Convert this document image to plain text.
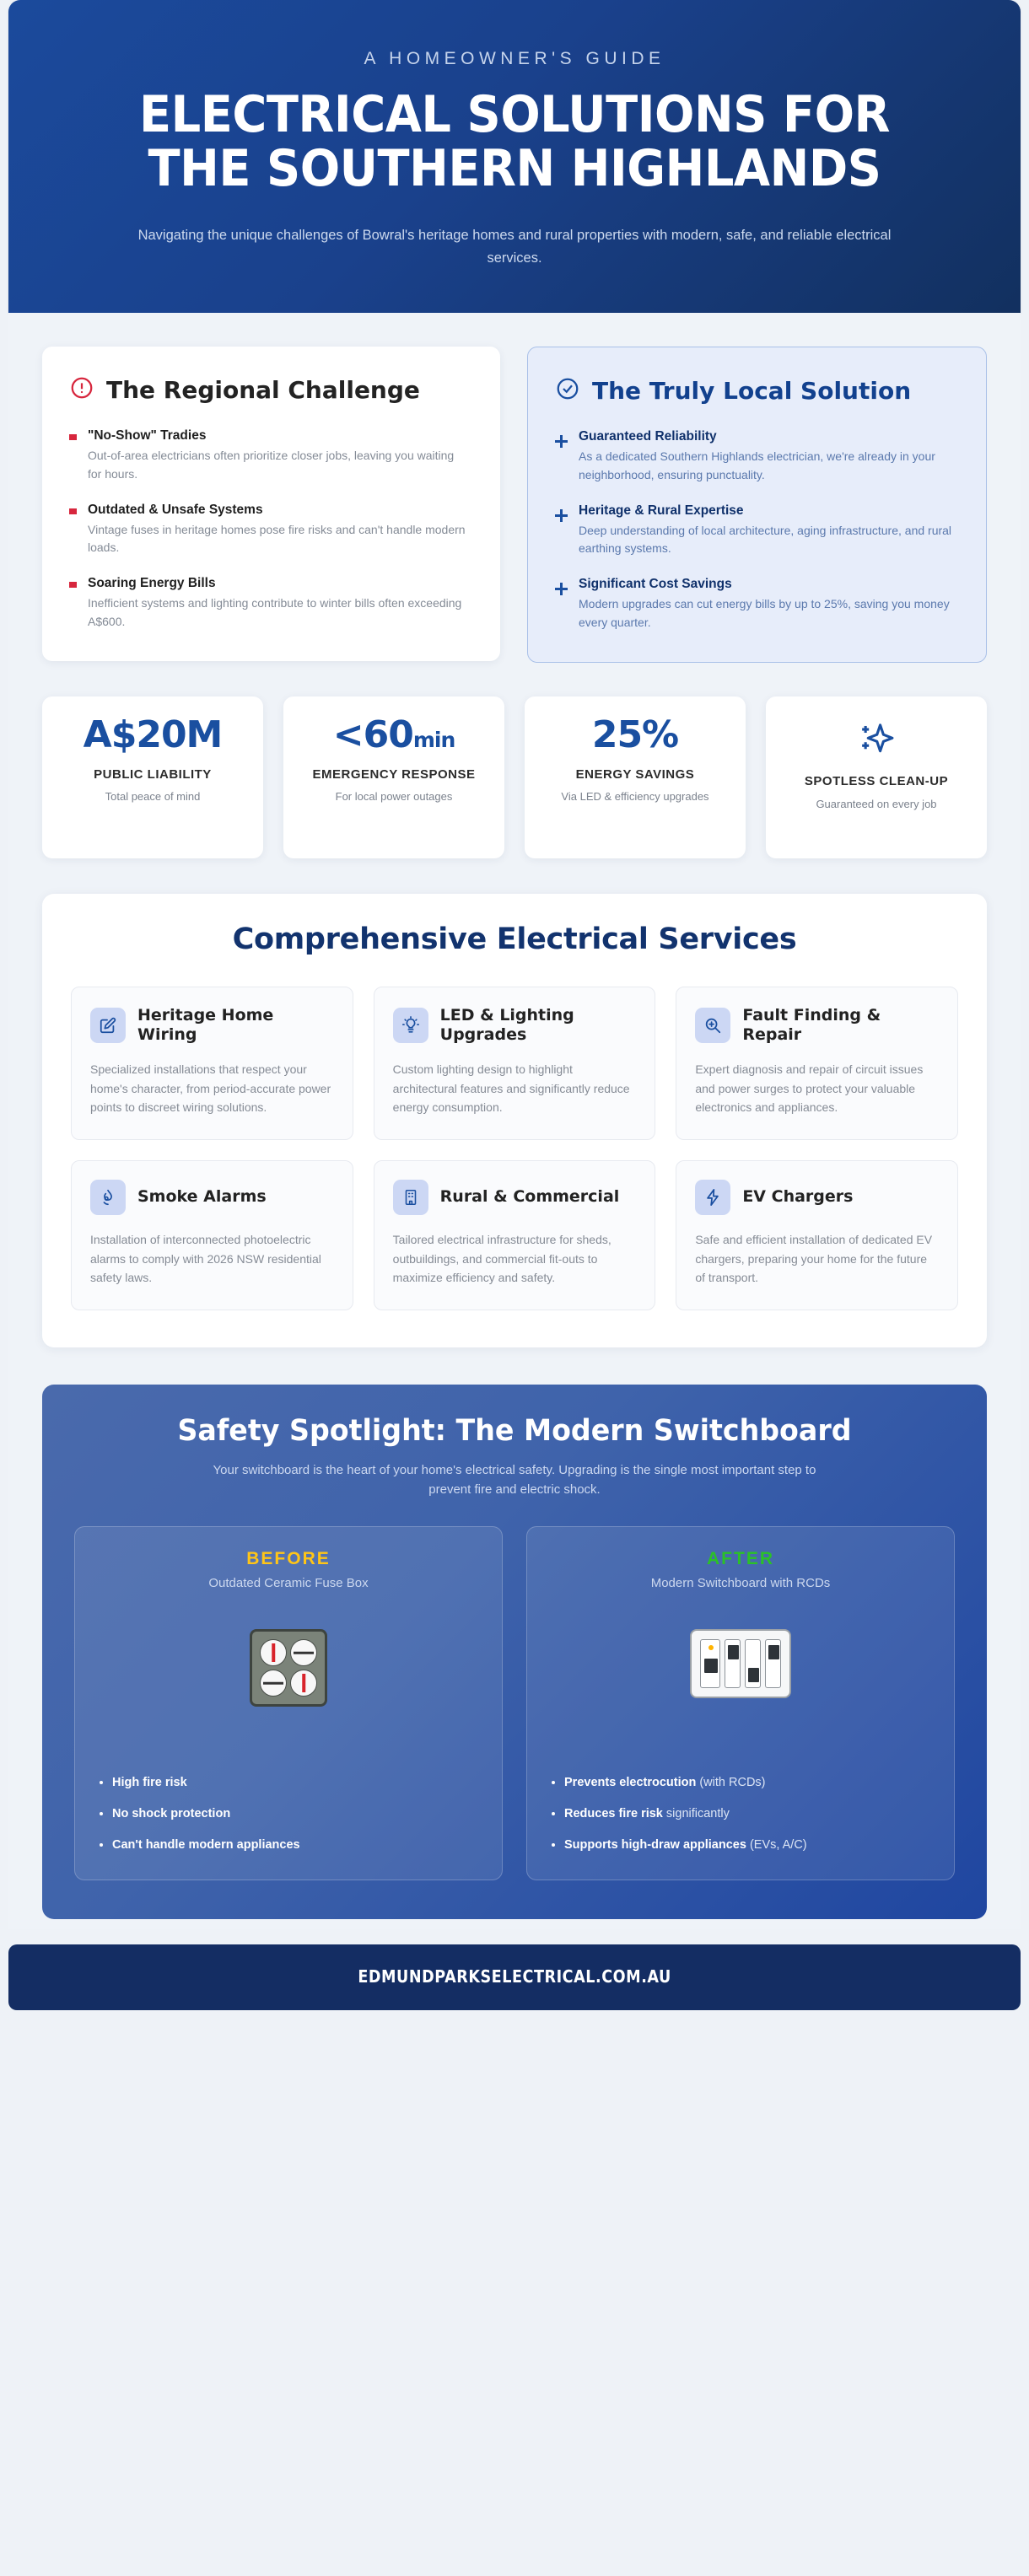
A HOMEOWNER'S GUIDE
ELECTRICAL SOLUTIONS FOR THE SOUTHERN HIGHLANDS
Navigating the unique challenges of Bowral's heritage homes and rural properties with modern, safe, and reliable electrical services.
The Regional Challenge
"No-Show" Tradies
Out-of-area electricians often prioritize closer jobs, leaving you waiting for hours.
Outdated & Unsafe Systems
Vintage fuses in heritage homes pose fire risks and can't handle modern loads.
Soaring Energy Bills
Inefficient systems and lighting contribute to winter bills often exceeding A$600.
The Truly Local Solution
Guaranteed Reliability
As a dedicated Southern Highlands electrician, we're already in your neighborhood, ensuring punctuality.
Heritage & Rural Expertise
Deep understanding of local architecture, aging infrastructure, and rural earthing systems.
Significant Cost Savings
Modern upgrades can cut energy bills by up to 25%, saving you money every quarter.
A$20M
PUBLIC LIABILITY
Total peace of mind
<60min
EMERGENCY RESPONSE
For local power outages
25%
ENERGY SAVINGS
Via LED & efficiency upgrades
SPOTLESS CLEAN-UP
Guaranteed on every job
Comprehensive Electrical Services
Heritage Home Wiring
Specialized installations that respect your home's character, from period-accurate power points to discreet wiring solutions.
LED & Lighting Upgrades
Custom lighting design to highlight architectural features and significantly reduce energy consumption.
Fault Finding & Repair
Expert diagnosis and repair of circuit issues and power surges to protect your valuable electronics and appliances.
Smoke Alarms
Installation of interconnected photoelectric alarms to comply with 2026 NSW residential safety laws.
Rural & Commercial
Tailored electrical infrastructure for sheds, outbuildings, and commercial fit-outs to maximize efficiency and safety.
EV Chargers
Safe and efficient installation of dedicated EV chargers, preparing your home for the future of transport.
Safety Spotlight: The Modern Switchboard
Your switchboard is the heart of your home's electrical safety. Upgrading is the single most important step to prevent fire and electric shock.
BEFORE
Outdated Ceramic Fuse Box
• High fire risk
• No shock protection
• Can't handle modern appliances
AFTER
Modern Switchboard with RCDs
• Prevents electrocution (with RCDs)
• Reduces fire risk significantly
• Supports high-draw appliances (EVs, A/C)
EDMUNDPARKSELECTRICAL.COM.AU
